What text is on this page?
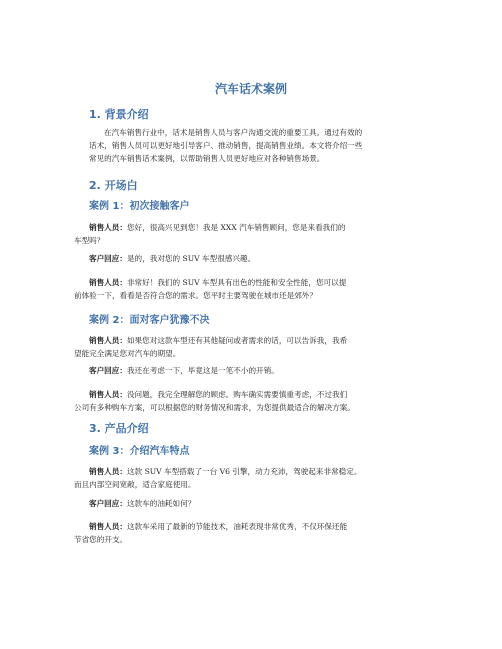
汽车话术案例
1. 背景介绍
在汽车销售行业中，话术是销售人员与客户沟通交流的重要工具。通过有效的
话术，销售人员可以更好地引导客户、推动销售，提高销售业绩。本文将介绍一些
常见的汽车销售话术案例，以帮助销售人员更好地应对各种销售场景。
2. 开场白
案例 1：初次接触客户
销售人员：您好，很高兴见到您！我是 XXX 汽车销售顾问，您是来看我们的
车型吗？
客户回应：是的，我对您的 SUV 车型很感兴趣。
销售人员：非常好！我们的 SUV 车型具有出色的性能和安全性能，您可以提
前体验一下，看看是否符合您的需求。您平时主要驾驶在城市还是郊外？
案例 2：面对客户犹豫不决
销售人员：如果您对这款车型还有其他疑问或者需求的话，可以告诉我，我希
望能完全满足您对汽车的期望。
客户回应：我还在考虑一下，毕竟这是一笔不小的开销。
销售人员：没问题，我完全理解您的顾虑。购车确实需要慎重考虑，不过我们
公司有多种购车方案，可以根据您的财务情况和需求，为您提供最适合的解决方案。
3. 产品介绍
案例 3：介绍汽车特点
销售人员：这款 SUV 车型搭载了一台 V6 引擎，动力充沛，驾驶起来非常稳定。
而且内部空间宽敞，适合家庭使用。
客户回应：这款车的油耗如何？
销售人员：这款车采用了最新的节能技术，油耗表现非常优秀，不仅环保还能
节省您的开支。
